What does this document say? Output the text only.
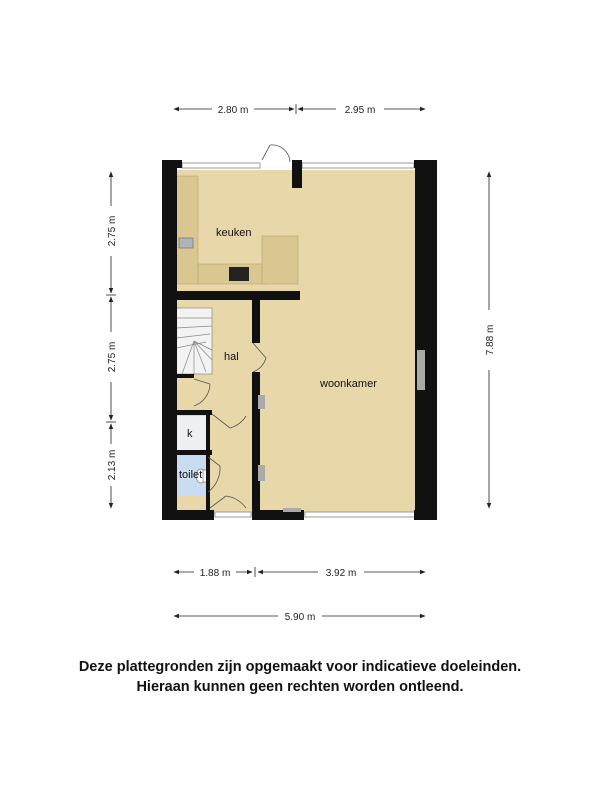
keuken
hal
woonkamer
k
toilet
2.80 m	2.95 m
2.75 m
2.75 m
2.13 m
7.88 m
1.88 m	3.92 m
5.90 m
Deze plattegronden zijn opgemaakt voor indicatieve doeleinden.
Hieraan kunnen geen rechten worden ontleend.
